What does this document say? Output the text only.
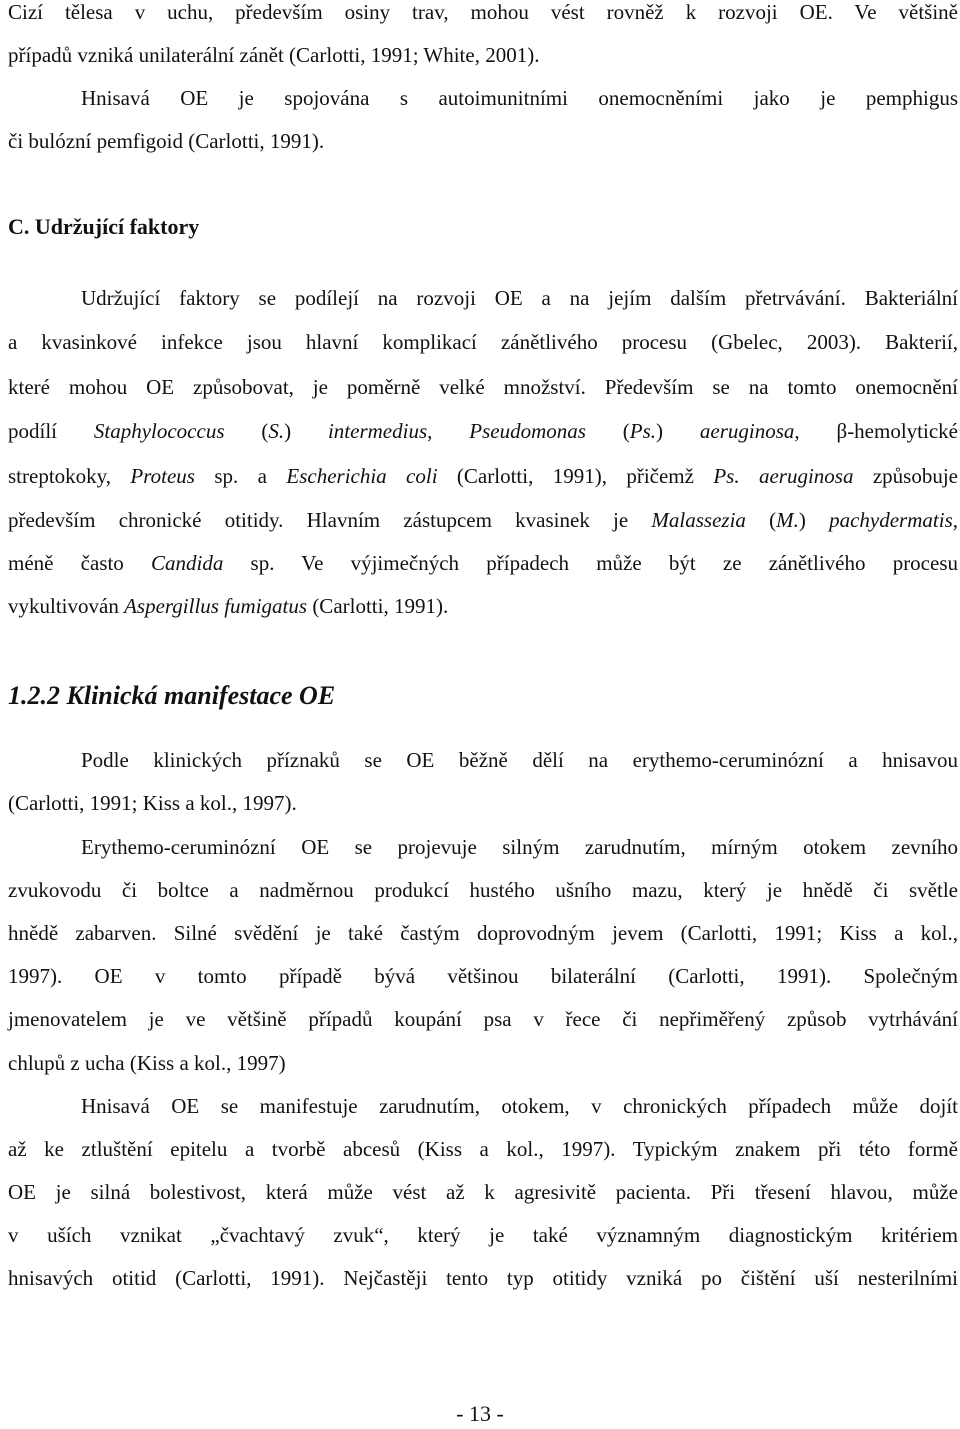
Cizí tělesa v uchu, především osiny trav, mohou vést rovněž k rozvoji OE. Ve většině
případů vzniká unilaterální zánět (Carlotti, 1991; White, 2001).
Hnisavá OE je spojována s autoimunitními onemocněními jako je pemphigus
či bulózní pemfigoid (Carlotti, 1991).
C. Udržující faktory
Udržující faktory se podílejí na rozvoji OE a na jejím dalším přetrvávání. Bakteriální
a kvasinkové infekce jsou hlavní komplikací zánětlivého procesu (Gbelec, 2003). Bakterií,
které mohou OE způsobovat, je poměrně velké množství. Především se na tomto onemocnění
podílí Staphylococcus (S.) intermedius, Pseudomonas (Ps.) aeruginosa, β-hemolytické
streptokoky, Proteus sp. a Escherichia coli (Carlotti, 1991), přičemž Ps. aeruginosa způsobuje
především chronické otitidy. Hlavním zástupcem kvasinek je Malassezia (M.) pachydermatis,
méně často Candida sp. Ve výjimečných případech může být ze zánětlivého procesu
vykultivován Aspergillus fumigatus (Carlotti, 1991).
1.2.2 Klinická manifestace OE
Podle klinických příznaků se OE běžně dělí na erythemo-ceruminózní a hnisavou
(Carlotti, 1991; Kiss a kol., 1997).
Erythemo-ceruminózní OE se projevuje silným zarudnutím, mírným otokem zevního
zvukovodu či boltce a nadměrnou produkcí hustého ušního mazu, který je hnědě či světle
hnědě zabarven. Silné svědění je také častým doprovodným jevem (Carlotti, 1991; Kiss a kol.,
1997). OE v tomto případě bývá většinou bilaterální (Carlotti, 1991). Společným
jmenovatelem je ve většině případů koupání psa v řece či nepřiměřený způsob vytrhávání
chlupů z ucha (Kiss a kol., 1997)
Hnisavá OE se manifestuje zarudnutím, otokem, v chronických případech může dojít
až ke ztluštění epitelu a tvorbě abcesů (Kiss a kol., 1997). Typickým znakem při této formě
OE je silná bolestivost, která může vést až k agresivitě pacienta. Při třesení hlavou, může
v uších vznikat „čvachtavý zvuk“, který je také významným diagnostickým kritériem
hnisavých otitid (Carlotti, 1991). Nejčastěji tento typ otitidy vzniká po čištění uší nesterilními
- 13 -
